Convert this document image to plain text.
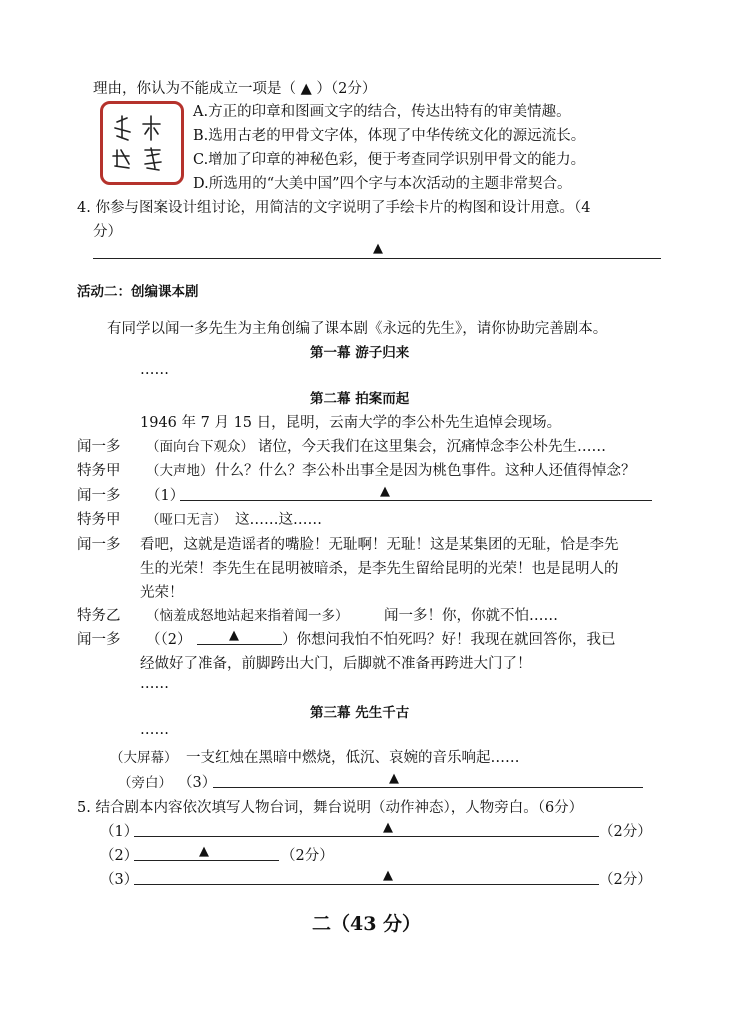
理由，你认为不能成立一项是（ ▲ ）（2分）
A.方正的印章和图画文字的结合，传达出特有的审美情趣。
B.选用古老的甲骨文字体，体现了中华传统文化的源远流长。
C.增加了印章的神秘色彩，便于考查同学识别甲骨文的能力。
D.所选用的“大美中国”四个字与本次活动的主题非常契合。
4. 你参与图案设计组讨论，用简洁的文字说明了手绘卡片的构图和设计用意。（4
分）
▲
活动二：创编课本剧
有同学以闻一多先生为主角创编了课本剧《永远的先生》，请你协助完善剧本。
第一幕 游子归来
……
第二幕 拍案而起
1946 年 7 月 15 日，昆明，云南大学的李公朴先生追悼会现场。
闻一多 （面向台下观众） 诸位，今天我们在这里集会，沉痛悼念李公朴先生……
特务甲 （大声地） 什么？什么？李公朴出事全是因为桃色事件。这种人还值得悼念？
闻一多 （1）	▲
特务甲 （哑口无言） 这……这……
闻一多 看吧，这就是造谣者的嘴脸！无耻啊！无耻！这是某集团的无耻，恰是李先
生的光荣！李先生在昆明被暗杀，是李先生留给昆明的光荣！也是昆明人的
光荣！
特务乙 （恼羞成怒地站起来指着闻一多） 闻一多！你，你就不怕……
闻一多 （（2）	▲	）你想问我怕不怕死吗？好！我现在就回答你，我已
经做好了准备，前脚跨出大门，后脚就不准备再跨进大门了！
……
第三幕 先生千古
……
（大屏幕） 一支红烛在黑暗中燃烧，低沉、哀婉的音乐响起……
（旁白） （3）	▲
5. 结合剧本内容依次填写人物台词，舞台说明（动作神态），人物旁白。（6分）
（1）	▲	（2分）
（2）	▲	（2分）
（3）	▲	（2分）
二（43 分）
